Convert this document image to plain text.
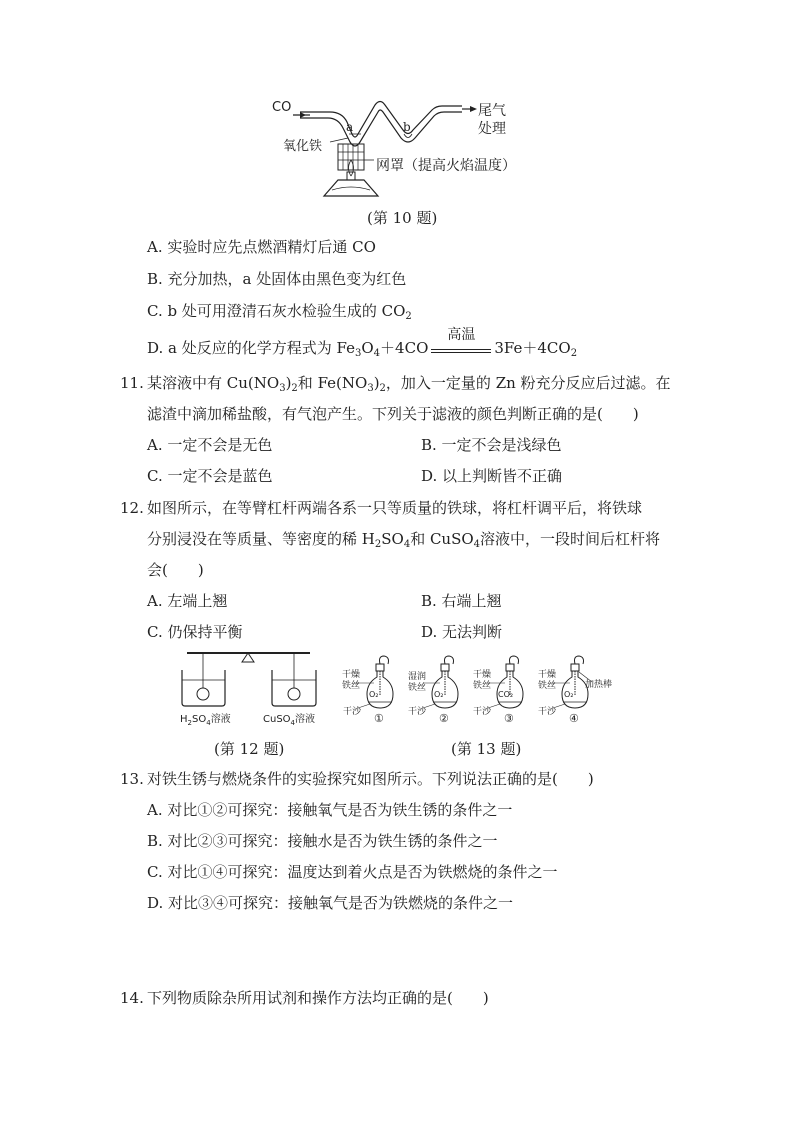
CO
氧化铁
a	b
尾气
处理
网罩（提高火焰温度）
(第 10 题)
A. 实验时应先点燃酒精灯后通 CO
B. 充分加热，a 处固体由黑色变为红色
C. b 处可用澄清石灰水检验生成的 $CO_2$
D. a 处反应的化学方程式为 $Fe_3O_4+4CO$
高温
$3Fe+4CO_2$
11. 某溶液中有 $Cu(NO_3)_2$和 $Fe(NO_3)_2$，加入一定量的 Zn 粉充分反应后过滤。在
滤渣中滴加稀盐酸，有气泡产生。下列关于滤液的颜色判断正确的是(　　)
A. 一定不会是无色	B. 一定不会是浅绿色
C. 一定不会是蓝色	D. 以上判断皆不正确
12. 如图所示，在等臂杠杆两端各系一只等质量的铁球，将杠杆调平后，将铁球
分别浸没在等质量、等密度的稀 $H_2SO_4$和 CuSO$_4$溶液中，一段时间后杠杆将
会(　　)
A. 左端上翘	B. 右端上翘
C. 仍保持平衡	D. 无法判断
$H_2SO_4$溶液	CuSO$_4$溶液
(第 12 题)
干燥
铁丝
湿润
铁丝
干燥
铁丝
干燥
铁丝	加热棒
O₂	O₂	CO₂	O₂
干沙	干沙	干沙	干沙
①	②	③	④
(第 13 题)
13. 对铁生锈与燃烧条件的实验探究如图所示。下列说法正确的是(　　)
A. 对比①②可探究：接触氧气是否为铁生锈的条件之一
B. 对比②③可探究：接触水是否为铁生锈的条件之一
C. 对比①④可探究：温度达到着火点是否为铁燃烧的条件之一
D. 对比③④可探究：接触氧气是否为铁燃烧的条件之一
14. 下列物质除杂所用试剂和操作方法均正确的是(　　)
